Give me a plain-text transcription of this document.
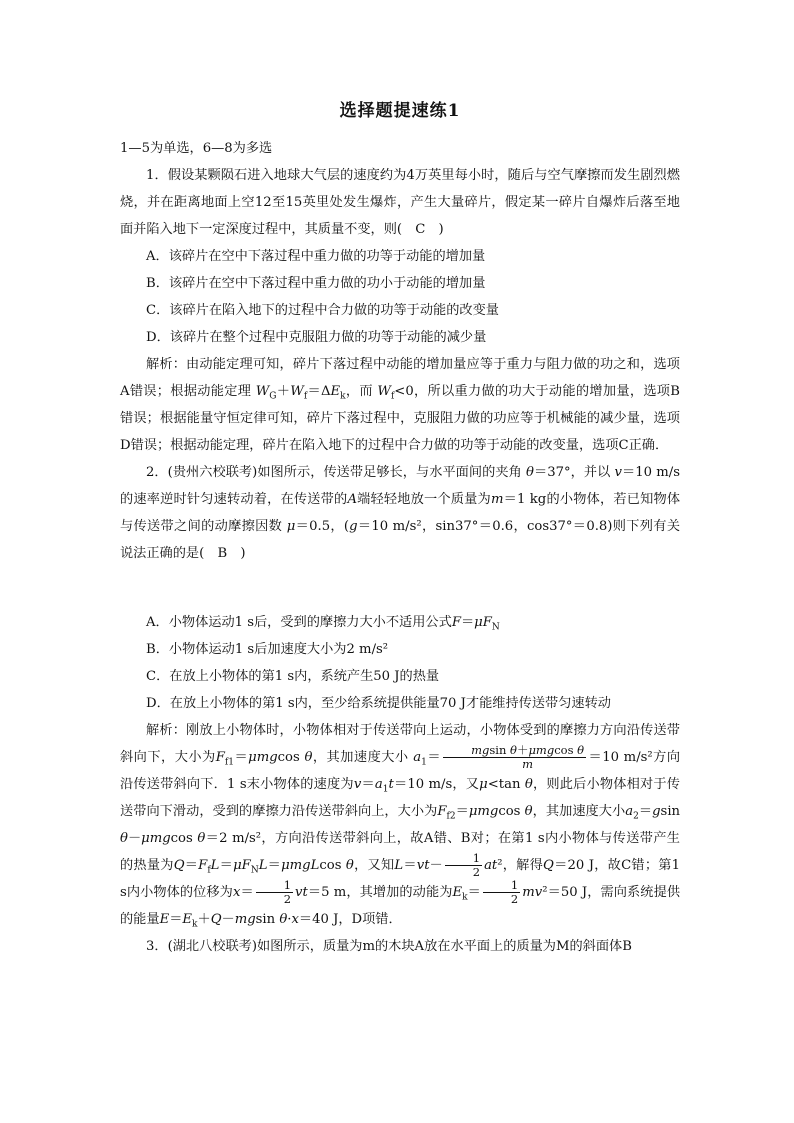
选择题提速练1

1—5为单选，6—8为多选

1．假设某颗陨石进入地球大气层的速度约为4万英里每小时，随后与空气摩擦而发生剧烈燃烧，并在距离地面上空12至15英里处发生爆炸，产生大量碎片，假定某一碎片自爆炸后落至地面并陷入地下一定深度过程中，其质量不变，则(　C　)

A．该碎片在空中下落过程中重力做的功等于动能的增加量

B．该碎片在空中下落过程中重力做的功小于动能的增加量

C．该碎片在陷入地下的过程中合力做的功等于动能的改变量

D．该碎片在整个过程中克服阻力做的功等于动能的减少量

解析：由动能定理可知，碎片下落过程中动能的增加量应等于重力与阻力做的功之和，选项A错误；根据动能定理 $W_G+W_f=\Delta E_k$，而 $W_f<0$，所以重力做的功大于动能的增加量，选项B错误；根据能量守恒定律可知，碎片下落过程中，克服阻力做的功应等于机械能的减少量，选项D错误；根据动能定理，碎片在陷入地下的过程中合力做的功等于动能的改变量，选项C正确．

2．(贵州六校联考)如图所示，传送带足够长，与水平面间的夹角 θ＝37°，并以 v＝10 m/s的速率逆时针匀速转动着，在传送带的A端轻轻地放一个质量为m＝1 kg的小物体，若已知物体与传送带之间的动摩擦因数 μ＝0.5，(g＝10 m/s²，sin37°＝0.6，cos37°＝0.8)则下列有关说法正确的是(　B　)

A．小物体运动1 s后，受到的摩擦力大小不适用公式$F=\mu F_N$

B．小物体运动1 s后加速度大小为2 m/s²

C．在放上小物体的第1 s内，系统产生50 J的热量

D．在放上小物体的第1 s内，至少给系统提供能量70 J才能维持传送带匀速转动

解析：刚放上小物体时，小物体相对于传送带向上运动，小物体受到的摩擦力方向沿传送带斜向下，大小为$F_{f1}=\mu mgcos$ θ，其加速度大小 $a_1= \frac{\text{mgsin θ＋μmgcos θ}}{m} =10$ m/s²方向沿传送带斜向下．1 s末小物体的速度为$v=a_1t=10$ m/s，又μ<tan θ，则此后小物体相对于传送带向下滑动，受到的摩擦力沿传送带斜向上，大小为$F_{f2}=\mu mgcos$ θ，其加速度大小$a_2=gsin$ θ－μmgcos θ＝2 m/s²，方向沿传送带斜向上，故A错、B对；在第1 s内小物体与传送带产生的热量为$Q=F_fL=\mu F_NL=\mu mgLcos$ θ，又知$L=vt- \frac{1}{2} at^2$，解得Q＝20 J，故C错；第1 s内小物体的位移为$x= \frac{1}{2} vt=5$ m，其增加的动能为$E_k= \frac{1}{2} mv^2=50$ J，需向系统提供的能量$E=E_k+Q-mgsin$ θ·x＝40 J，D项错．

3．(湖北八校联考)如图所示，质量为m的木块A放在水平面上的质量为M的斜面体B
